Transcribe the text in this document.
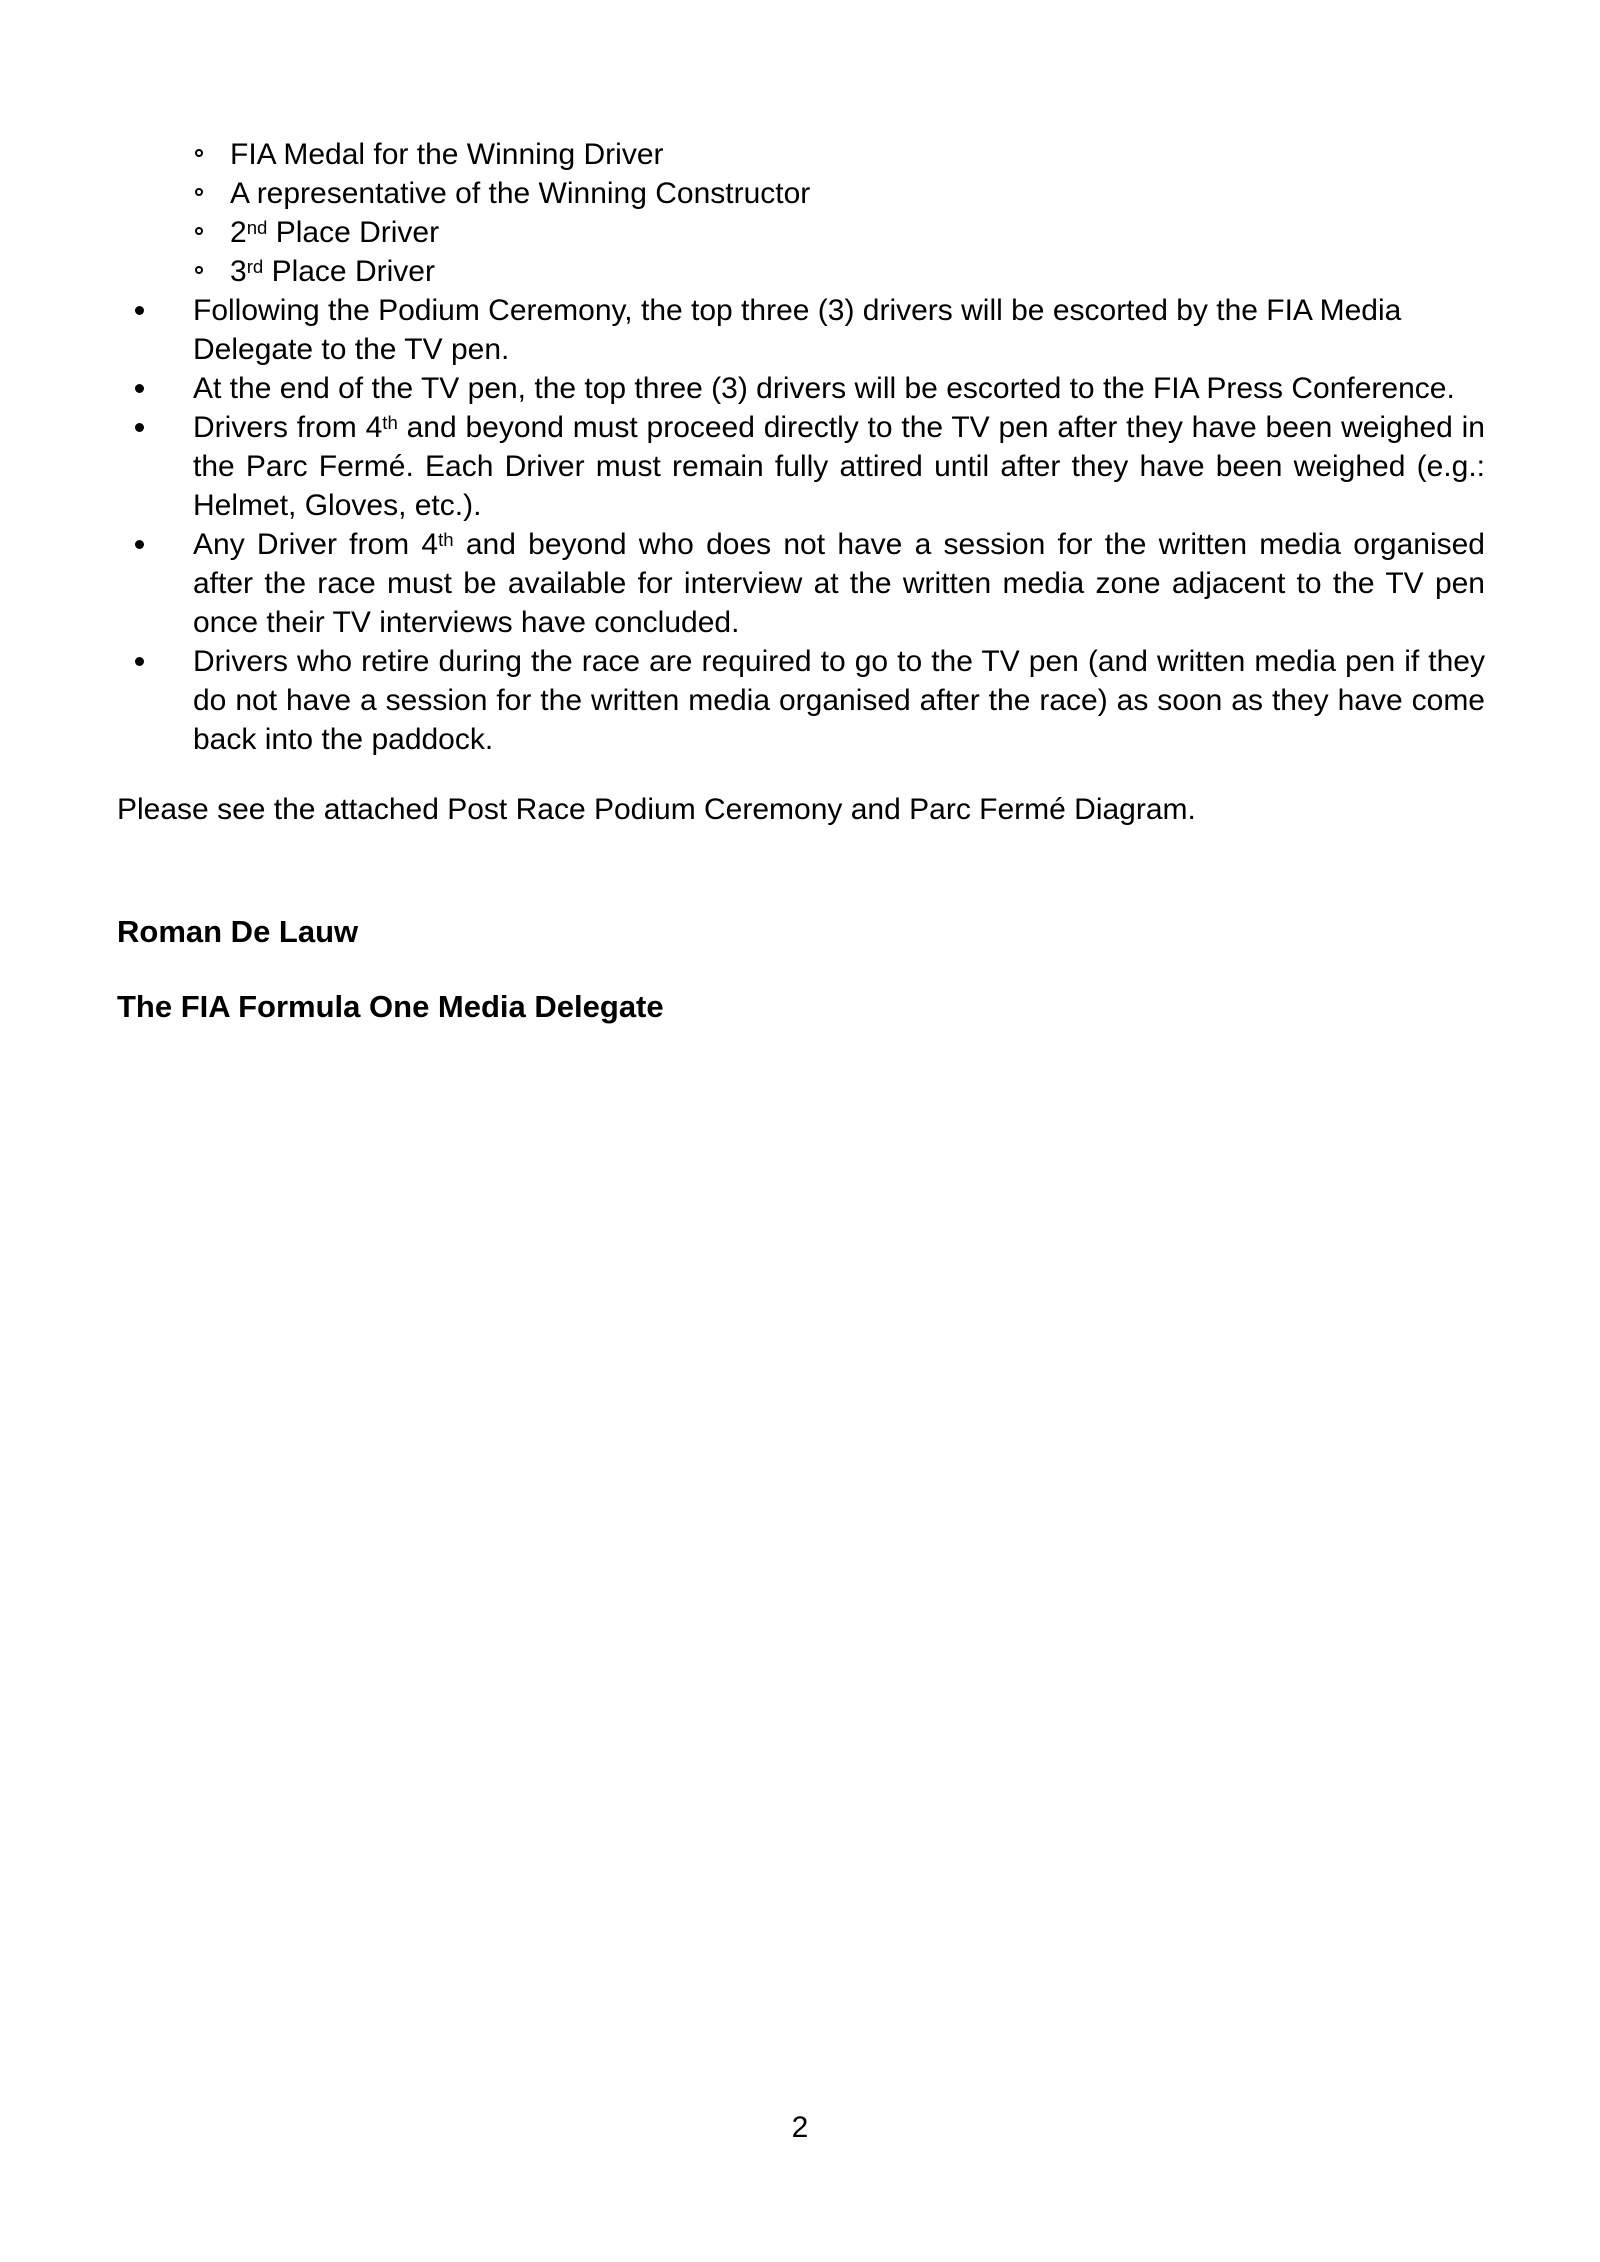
FIA Medal for the Winning Driver
A representative of the Winning Constructor
2nd Place Driver
3rd Place Driver
Following the Podium Ceremony, the top three (3) drivers will be escorted by the FIA Media Delegate to the TV pen.
At the end of the TV pen, the top three (3) drivers will be escorted to the FIA Press Conference.
Drivers from 4th and beyond must proceed directly to the TV pen after they have been weighed in the Parc Fermé. Each Driver must remain fully attired until after they have been weighed (e.g.: Helmet, Gloves, etc.).
Any Driver from 4th and beyond who does not have a session for the written media organised after the race must be available for interview at the written media zone adjacent to the TV pen once their TV interviews have concluded.
Drivers who retire during the race are required to go to the TV pen (and written media pen if they do not have a session for the written media organised after the race) as soon as they have come back into the paddock.

Please see the attached Post Race Podium Ceremony and Parc Fermé Diagram.

Roman De Lauw

The FIA Formula One Media Delegate

2
